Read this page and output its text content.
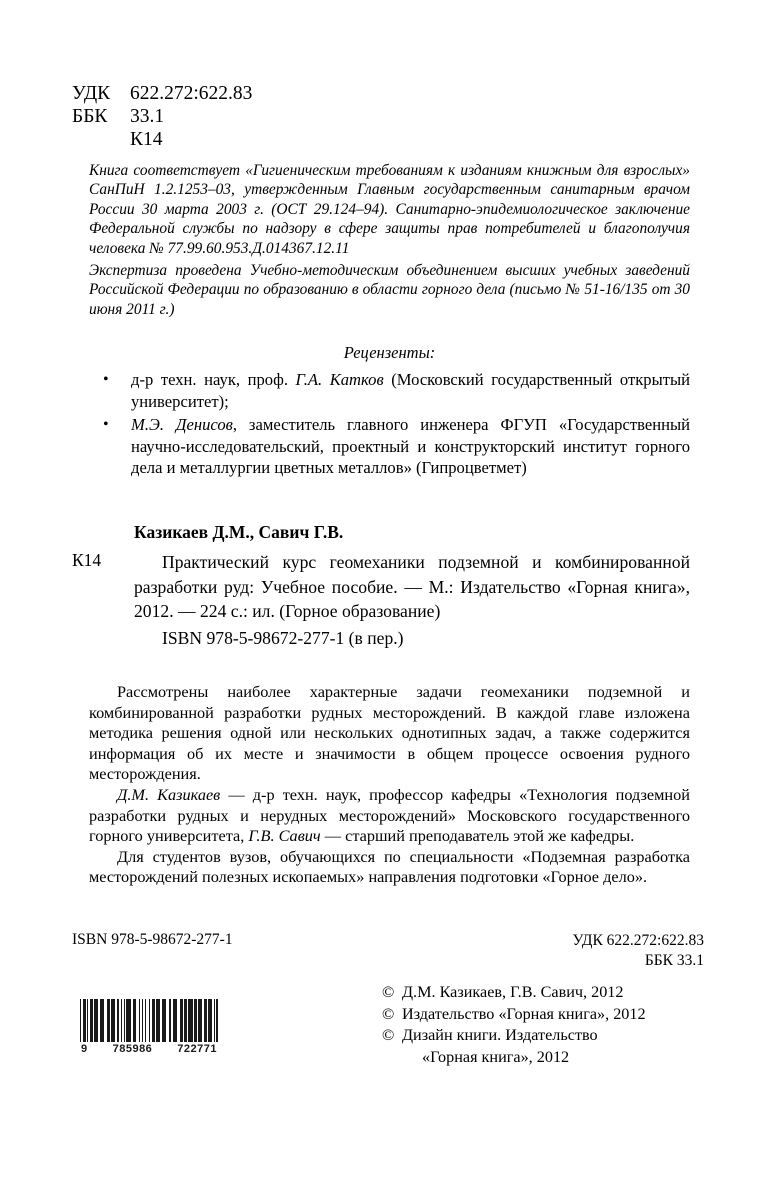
УДК	622.272:622.83
ББК	33.1
К14

Книга соответствует «Гигиеническим требованиям к изданиям книжным для взрослых» СанПиН 1.2.1253–03, утвержденным Главным государственным санитарным врачом России 30 марта 2003 г. (ОСТ 29.124–94). Санитарно-эпидемиологическое заключение Федеральной службы по надзору в сфере защиты прав потребителей и благополучия человека № 77.99.60.953.Д.014367.12.11

Экспертиза проведена Учебно-методическим объединением высших учебных заведений Российской Федерации по образованию в области горного дела (письмо № 51-16/135 от 30 июня 2011 г.)

Рецензенты:
• д-р техн. наук, проф. Г.А. Катков (Московский государственный открытый университет);
• М.Э. Денисов, заместитель главного инженера ФГУП «Государственный научно-исследовательский, проектный и конструкторский институт горного дела и металлургии цветных металлов» (Гипроцветмет)
Казикаев Д.М., Савич Г.В.
К14	Практический курс геомеханики подземной и комбинированной разработки руд: Учебное пособие. — М.: Издательство «Горная книга», 2012. — 224 с.: ил. (Горное образование)

ISBN 978-5-98672-277-1 (в пер.)

Рассмотрены наиболее характерные задачи геомеханики подземной и комбинированной разработки рудных месторождений. В каждой главе изложена методика решения одной или нескольких однотипных задач, а также содержится информация об их месте и значимости в общем процессе освоения рудного месторождения.

Д.М. Казикаев — д-р техн. наук, профессор кафедры «Технология подземной разработки рудных и нерудных месторождений» Московского государственного горного университета, Г.В. Савич — старший преподаватель этой же кафедры.

Для студентов вузов, обучающихся по специальности «Подземная разработка месторождений полезных ископаемых» направления подготовки «Горное дело».

ISBN 978-5-98672-277-1	УДК 622.272:622.83
ББК 33.1
© Д.М. Казикаев, Г.В. Савич, 2012
© Издательство «Горная книга», 2012
© Дизайн книги. Издательство
«Горная книга», 2012
9 785986 722771
